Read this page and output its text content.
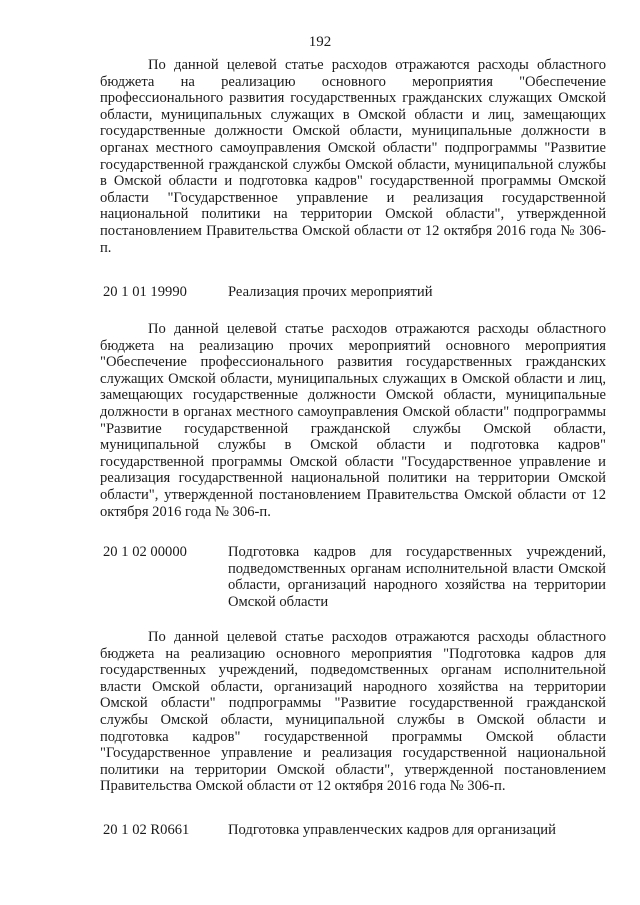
192

По данной целевой статье расходов отражаются расходы областного бюджета на реализацию основного мероприятия "Обеспечение профессионального развития государственных гражданских служащих Омской области, муниципальных служащих в Омской области и лиц, замещающих государственные должности Омской области, муниципальные должности в органах местного самоуправления Омской области" подпрограммы "Развитие государственной гражданской службы Омской области, муниципальной службы в Омской области и подготовка кадров" государственной программы Омской области "Государственное управление и реализация государственной национальной политики на территории Омской области", утвержденной постановлением Правительства Омской области от 12 октября 2016 года № 306-п.

20 1 01 19990	Реализация прочих мероприятий

По данной целевой статье расходов отражаются расходы областного бюджета на реализацию прочих мероприятий основного мероприятия "Обеспечение профессионального развития государственных гражданских служащих Омской области, муниципальных служащих в Омской области и лиц, замещающих государственные должности Омской области, муниципальные должности в органах местного самоуправления Омской области" подпрограммы "Развитие государственной гражданской службы Омской области, муниципальной службы в Омской области и подготовка кадров" государственной программы Омской области "Государственное управление и реализация государственной национальной политики на территории Омской области", утвержденной постановлением Правительства Омской области от 12 октября 2016 года № 306-п.

20 1 02 00000	Подготовка кадров для государственных учреждений, подведомственных органам исполнительной власти Омской области, организаций народного хозяйства на территории Омской области

По данной целевой статье расходов отражаются расходы областного бюджета на реализацию основного мероприятия "Подготовка кадров для государственных учреждений, подведомственных органам исполнительной власти Омской области, организаций народного хозяйства на территории Омской области" подпрограммы "Развитие государственной гражданской службы Омской области, муниципальной службы в Омской области и подготовка кадров" государственной программы Омской области "Государственное управление и реализация государственной национальной политики на территории Омской области", утвержденной постановлением Правительства Омской области от 12 октября 2016 года № 306-п.

20 1 02 R0661	Подготовка управленческих кадров для организаций
